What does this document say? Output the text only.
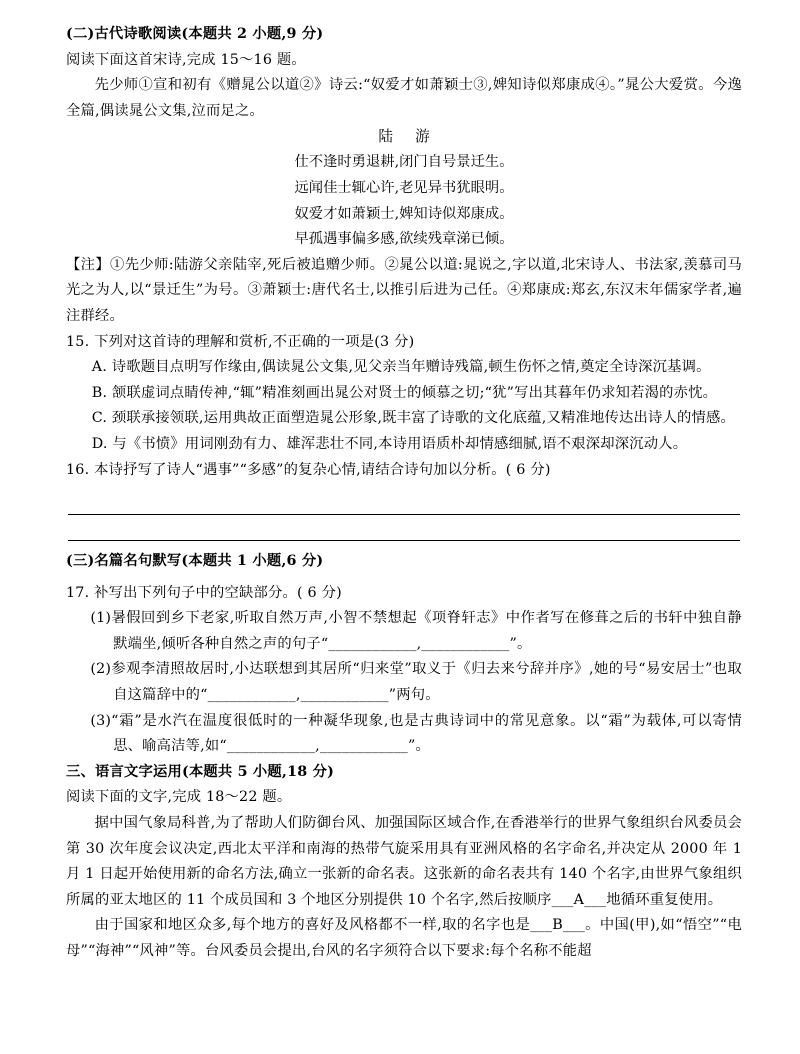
(二)古代诗歌阅读(本题共 2 小题,9 分)
阅读下面这首宋诗,完成 15～16 题。
先少师①宣和初有《赠晁公以道②》诗云:“奴爱才如萧颖士③,婢知诗似郑康成④。”晁公大爱赏。今逸全篇,偶读晁公文集,泣而足之。
陆 游
仕不逢时勇退耕,闭门自号景迁生。
远闻佳士辄心许,老见异书犹眼明。
奴爱才如萧颖士,婢知诗似郑康成。
早孤遇事偏多感,欲续残章涕已倾。
【注】①先少师:陆游父亲陆宰,死后被追赠少师。②晁公以道:晁说之,字以道,北宋诗人、书法家,羡慕司马光之为人,以“景迁生”为号。③萧颖士:唐代名士,以推引后进为己任。④郑康成:郑玄,东汉末年儒家学者,遍注群经。
15. 下列对这首诗的理解和赏析,不正确的一项是(3 分)
A. 诗歌题目点明写作缘由,偶读晁公文集,见父亲当年赠诗残篇,顿生伤怀之情,奠定全诗深沉基调。
B. 颔联虚词点睛传神,“辄”精准刻画出晁公对贤士的倾慕之切;“犹”写出其暮年仍求知若渴的赤忱。
C. 颈联承接领联,运用典故正面塑造晁公形象,既丰富了诗歌的文化底蕴,又精准地传达出诗人的情感。
D. 与《书愤》用词刚劲有力、雄浑悲壮不同,本诗用语质朴却情感细腻,语不艰深却深沉动人。
16. 本诗抒写了诗人“遇事”“多感”的复杂心情,请结合诗句加以分析。( 6 分)
(三)名篇名句默写(本题共 1 小题,6 分)
17. 补写出下列句子中的空缺部分。( 6 分)
(1)暑假回到乡下老家,听取自然万声,小智不禁想起《项脊轩志》中作者写在修葺之后的书轩中独自静默端坐,倾听各种自然之声的句子“____________,____________”。
(2)参观李清照故居时,小达联想到其居所“归来堂”取义于《归去来兮辞并序》,她的号“易安居士”也取自这篇辞中的“____________,____________”两句。
(3)“霜”是水汽在温度很低时的一种凝华现象,也是古典诗词中的常见意象。以“霜”为载体,可以寄情思、喻高洁等,如“____________,____________”。
三、语言文字运用(本题共 5 小题,18 分)
阅读下面的文字,完成 18～22 题。
据中国气象局科普,为了帮助人们防御台风、加强国际区域合作,在香港举行的世界气象组织台风委员会第 30 次年度会议决定,西北太平洋和南海的热带气旋采用具有亚洲风格的名字命名,并决定从 2000 年 1 月 1 日起开始使用新的命名方法,确立一张新的命名表。这张新的命名表共有 140 个名字,由世界气象组织所属的亚太地区的 11 个成员国和 3 个地区分别提供 10 个名字,然后按顺序___A___地循环重复使用。
由于国家和地区众多,每个地方的喜好及风格都不一样,取的名字也是___B___。中国(甲),如“悟空”“电母”“海神”“风神”等。台风委员会提出,台风的名字须符合以下要求:每个名称不能超
